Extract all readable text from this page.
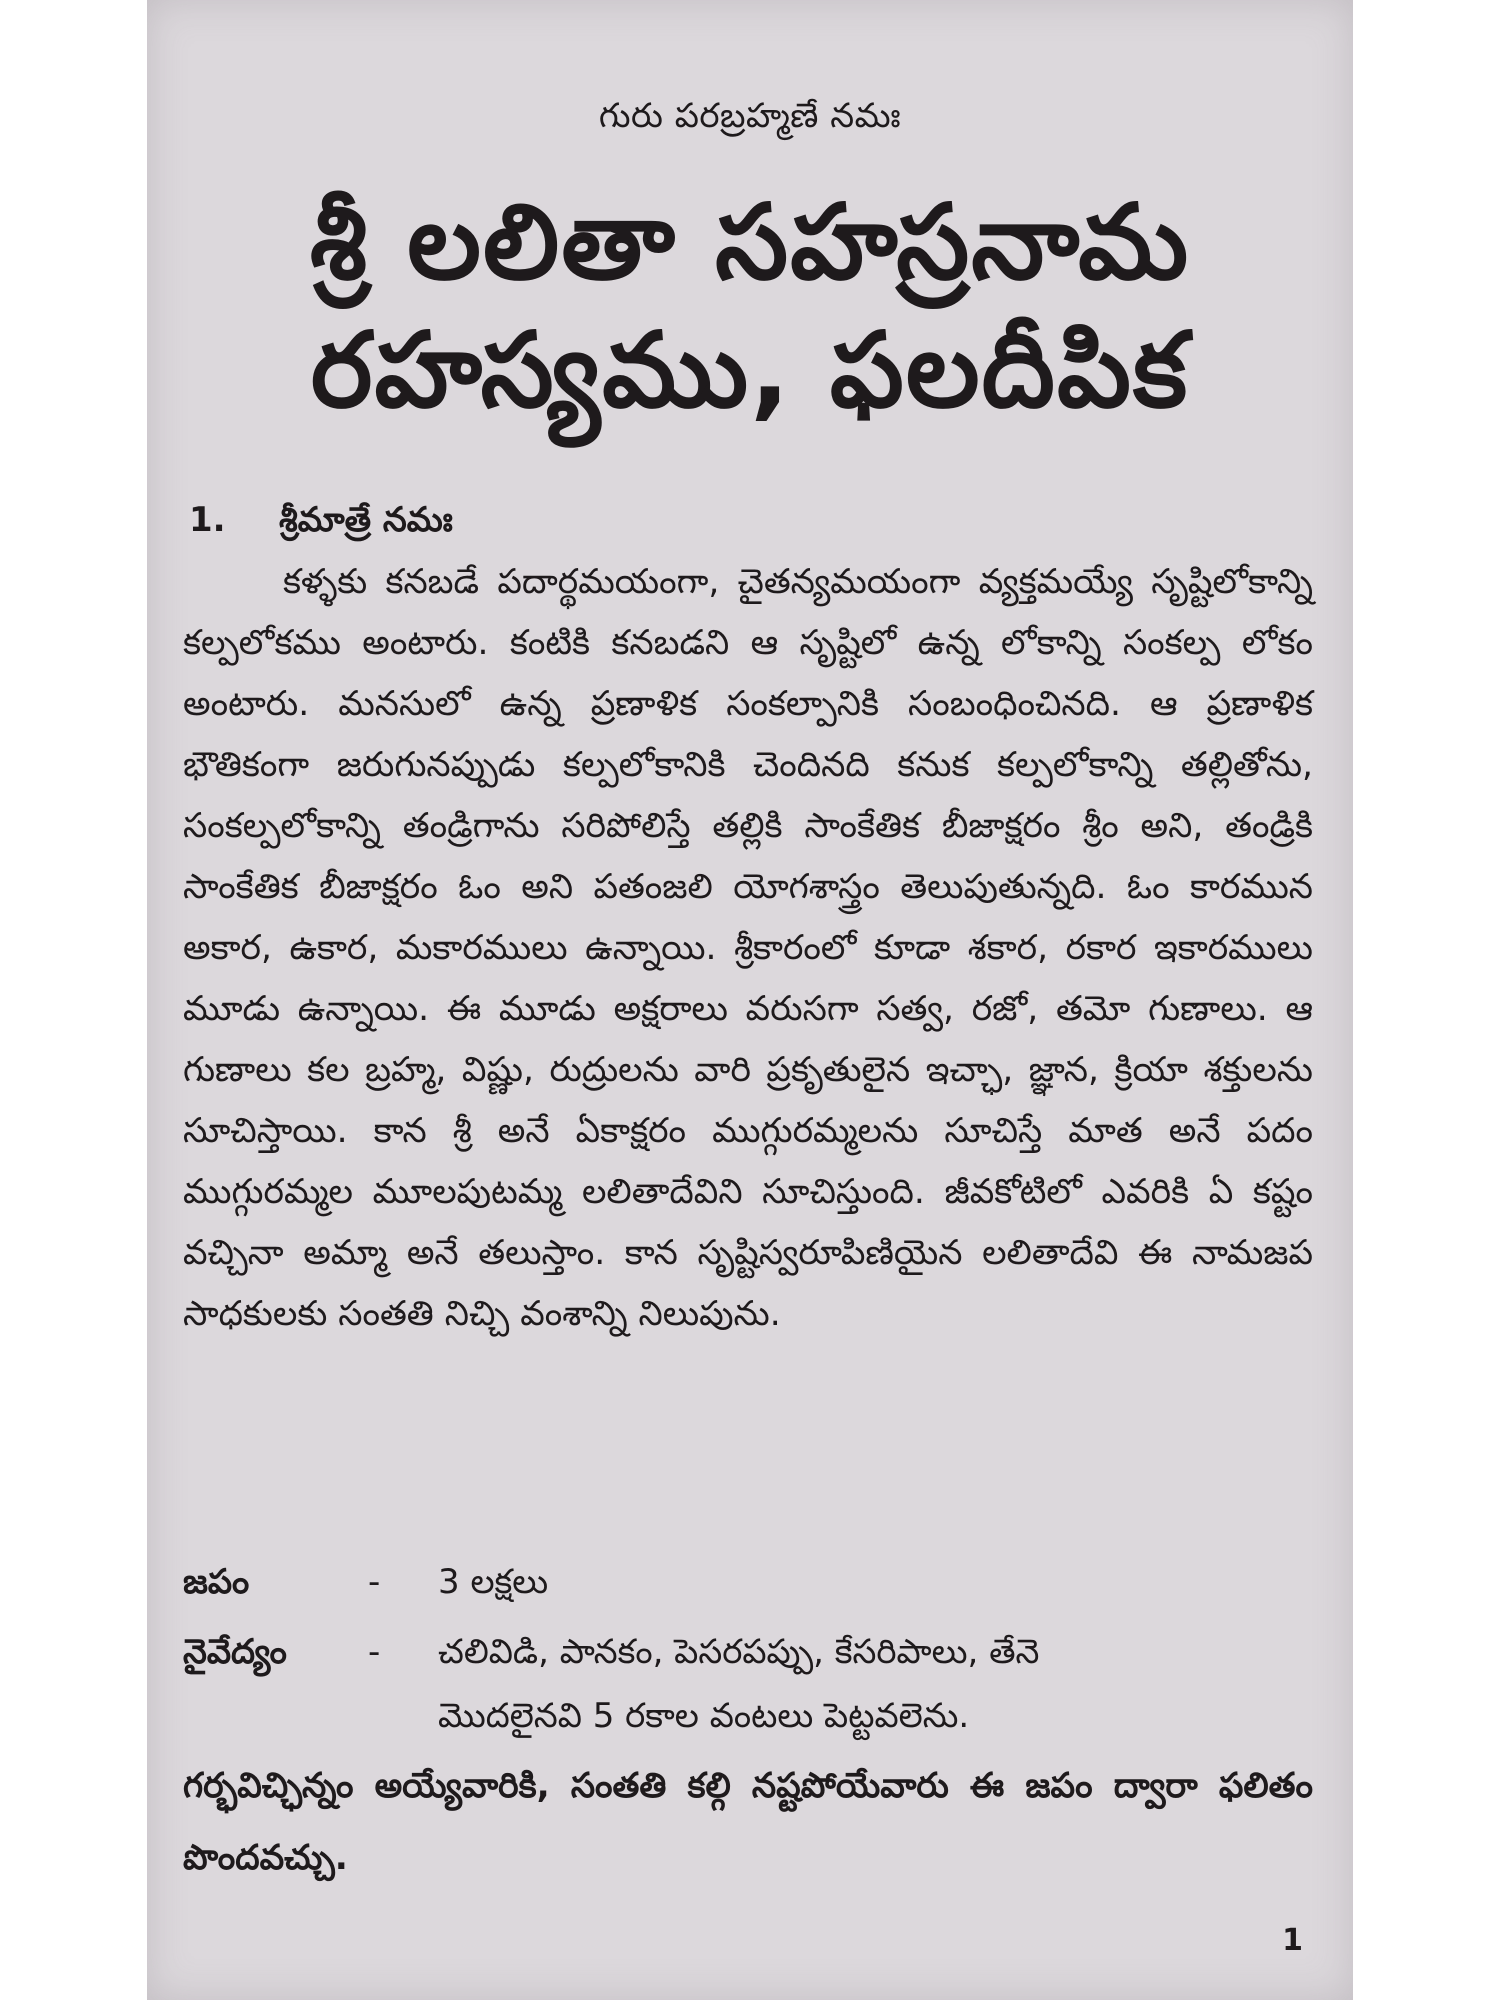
గురు పరబ్రహ్మణే నమః
శ్రీ లలితా సహస్రనామ
రహస్యము, ఫలదీపిక
1. శ్రీమాత్రే నమః

కళ్ళకు కనబడే పదార్థమయంగా, చైతన్యమయంగా వ్యక్తమయ్యే సృష్టిలోకాన్ని కల్పలోకము అంటారు. కంటికి కనబడని ఆ సృష్టిలో ఉన్న లోకాన్ని సంకల్ప లోకం అంటారు. మనసులో ఉన్న ప్రణాళిక సంకల్పానికి సంబంధించినది. ఆ ప్రణాళిక భౌతికంగా జరుగునప్పుడు కల్పలోకానికి చెందినది కనుక కల్పలోకాన్ని తల్లితోను, సంకల్పలోకాన్ని తండ్రిగాను సరిపోలిస్తే తల్లికి సాంకేతిక బీజాక్షరం శ్రీం అని, తండ్రికి సాంకేతిక బీజాక్షరం ఓం అని పతంజలి యోగశాస్త్రం తెలుపుతున్నది. ఓం కారమున అకార, ఉకార, మకారములు ఉన్నాయి. శ్రీకారంలో కూడా శకార, రకార ఇకారములు మూడు ఉన్నాయి. ఈ మూడు అక్షరాలు వరుసగా సత్వ, రజో, తమో గుణాలు. ఆ గుణాలు కల బ్రహ్మ, విష్ణు, రుద్రులను వారి ప్రకృతులైన ఇచ్ఛా, జ్ఞాన, క్రియా శక్తులను సూచిస్తాయి. కాన శ్రీ అనే ఏకాక్షరం ముగ్గురమ్మలను సూచిస్తే మాత అనే పదం ముగ్గురమ్మల మూలపుటమ్మ లలితాదేవిని సూచిస్తుంది. జీవకోటిలో ఎవరికి ఏ కష్టం వచ్చినా అమ్మా అనే తలుస్తాం. కాన సృష్టిస్వరూపిణియైన లలితాదేవి ఈ నామజప సాధకులకు సంతతి నిచ్చి వంశాన్ని నిలుపును.

జపం	- 3 లక్షలు
నైవేద్యం - చలివిడి, పానకం, పెసరపప్పు, కేసరిపాలు, తేనె
మొదలైనవి 5 రకాల వంటలు పెట్టవలెను.

గర్భవిచ్ఛిన్నం అయ్యేవారికి, సంతతి కల్గి నష్టపోయేవారు ఈ జపం ద్వారా ఫలితం పొందవచ్చు.

1
